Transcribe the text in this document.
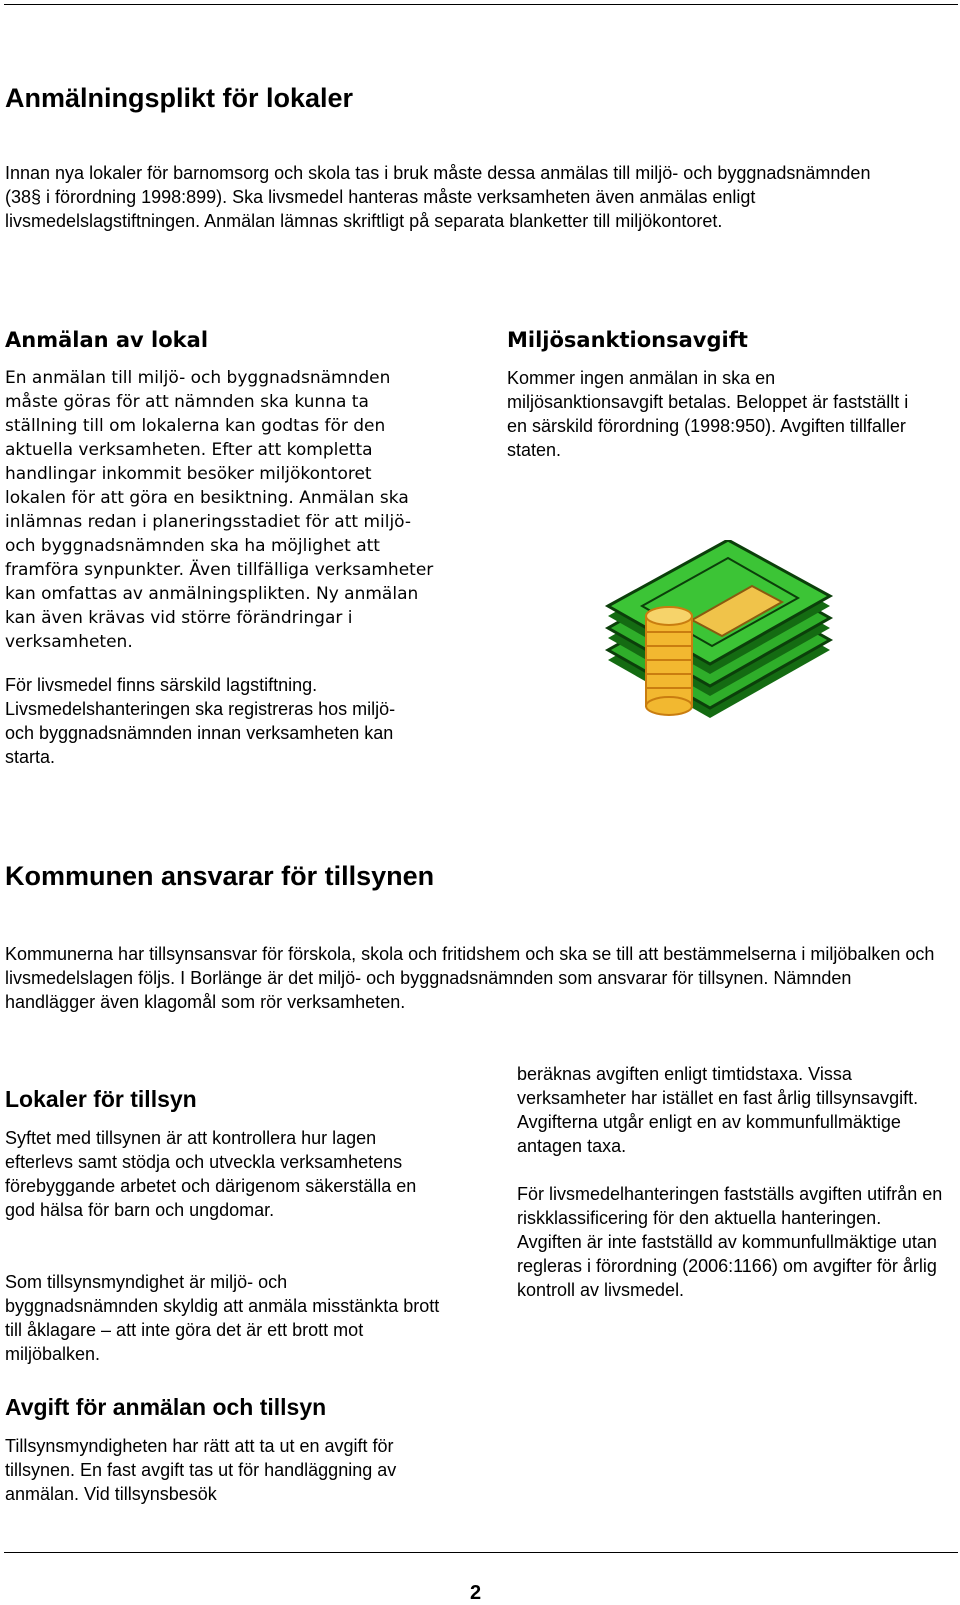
Anmälningsplikt för lokaler

Innan nya lokaler för barnomsorg och skola tas i bruk måste dessa anmälas till miljö- och byggnadsnämnden (38§ i förordning 1998:899). Ska livsmedel hanteras måste verksamheten även anmälas enligt livsmedelslagstiftningen. Anmälan lämnas skriftligt på separata blanketter till miljökontoret.

Anmälan av lokal

En anmälan till miljö- och byggnadsnämnden måste göras för att nämnden ska kunna ta ställning till om lokalerna kan godtas för den aktuella verksamheten. Efter att kompletta handlingar inkommit besöker miljökontoret lokalen för att göra en besiktning. Anmälan ska inlämnas redan i planeringsstadiet för att miljö- och byggnadsnämnden ska ha möjlighet att framföra synpunkter. Även tillfälliga verksamheter kan omfattas av anmälningsplikten. Ny anmälan kan även krävas vid större förändringar i verksamheten.

För livsmedel finns särskild lagstiftning. Livsmedelshanteringen ska registreras hos miljö- och byggnadsnämnden innan verksamheten kan starta.

Miljösanktionsavgift

Kommer ingen anmälan in ska en miljösanktionsavgift betalas. Beloppet är fastställt i en särskild förordning (1998:950). Avgiften tillfaller staten.

Kommunen ansvarar för tillsynen

Kommunerna har tillsynsansvar för förskola, skola och fritidshem och ska se till att bestämmelserna i miljöbalken och livsmedelslagen följs. I Borlänge är det miljö- och byggnadsnämnden som ansvarar för tillsynen. Nämnden handlägger även klagomål som rör verksamheten.

Lokaler för tillsyn

Syftet med tillsynen är att kontrollera hur lagen efterlevs samt stödja och utveckla verksamhetens förebyggande arbetet och därigenom säkerställa en god hälsa för barn och ungdomar.

Som tillsynsmyndighet är miljö- och byggnadsnämnden skyldig att anmäla misstänkta brott till åklagare – att inte göra det är ett brott mot miljöbalken.

Avgift för anmälan och tillsyn

Tillsynsmyndigheten har rätt att ta ut en avgift för tillsynen. En fast avgift tas ut för handläggning av anmälan. Vid tillsynsbesök

beräknas avgiften enligt timtidstaxa. Vissa verksamheter har istället en fast årlig tillsynsavgift. Avgifterna utgår enligt en av kommunfullmäktige antagen taxa.

För livsmedelhanteringen fastställs avgiften utifrån en riskklassificering för den aktuella hanteringen. Avgiften är inte fastställd av kommunfullmäktige utan regleras i förordning (2006:1166) om avgifter för årlig kontroll av livsmedel.

2
